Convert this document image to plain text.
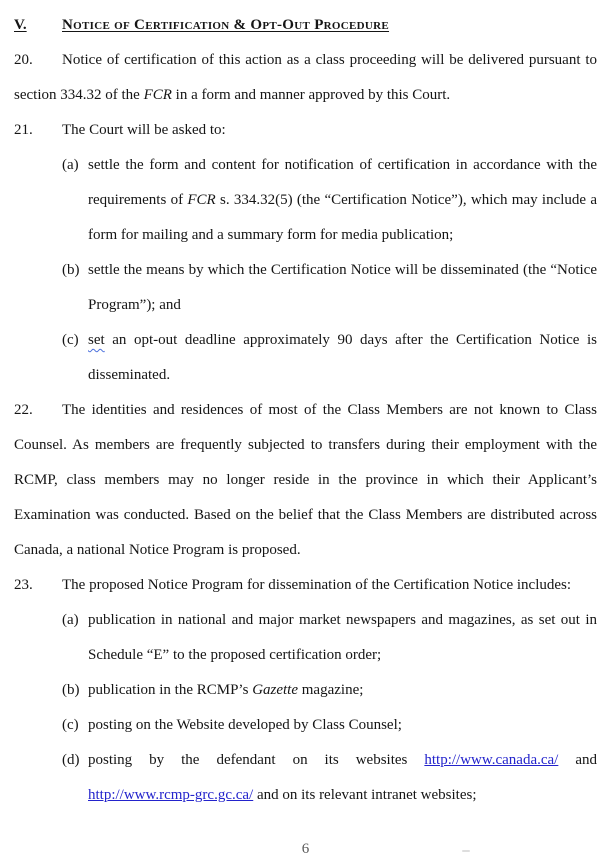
V. Notice of Certification & Opt-Out Procedure
20. Notice of certification of this action as a class proceeding will be delivered pursuant to section 334.32 of the FCR in a form and manner approved by this Court.
21. The Court will be asked to:
(a) settle the form and content for notification of certification in accordance with the requirements of FCR s. 334.32(5) (the “Certification Notice”), which may include a form for mailing and a summary form for media publication;
(b) settle the means by which the Certification Notice will be disseminated (the “Notice Program”); and
(c) set an opt-out deadline approximately 90 days after the Certification Notice is disseminated.
22. The identities and residences of most of the Class Members are not known to Class Counsel. As members are frequently subjected to transfers during their employment with the RCMP, class members may no longer reside in the province in which their Applicant’s Examination was conducted. Based on the belief that the Class Members are distributed across Canada, a national Notice Program is proposed.
23. The proposed Notice Program for dissemination of the Certification Notice includes:
(a) publication in national and major market newspapers and magazines, as set out in Schedule “E” to the proposed certification order;
(b) publication in the RCMP’s Gazette magazine;
(c) posting on the Website developed by Class Counsel;
(d) posting by the defendant on its websites http://www.canada.ca/ and http://www.rcmp-grc.gc.ca/ and on its relevant intranet websites;
6
